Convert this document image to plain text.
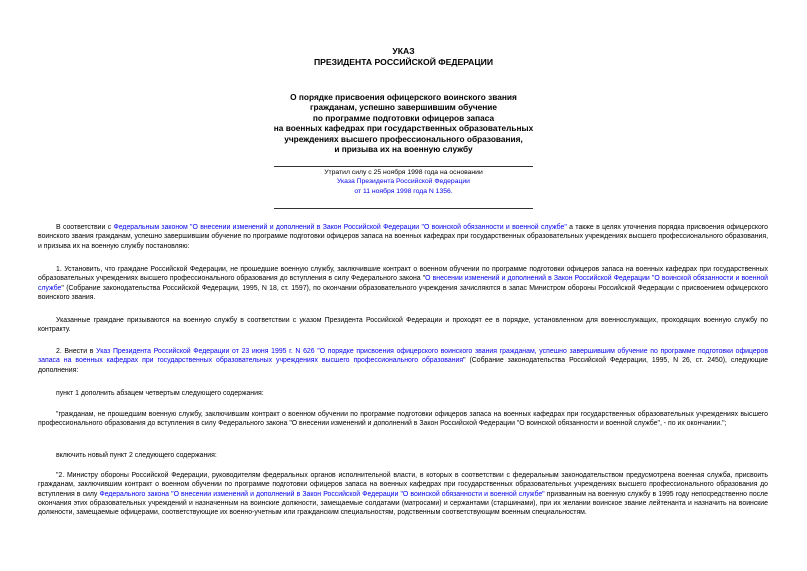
УКАЗ
ПРЕЗИДЕНТА РОССИЙСКОЙ ФЕДЕРАЦИИ
О порядке присвоения офицерского воинского звания
гражданам, успешно завершившим обучение
по программе подготовки офицеров запаса
на военных кафедрах при государственных образовательных
учреждениях высшего профессионального образования,
и призыва их на военную службу
Утратил силу с 25 ноября 1998 года на основании
Указа Президента Российской Федерации
от 11 ноября 1998 года N 1356.
В соответствии с Федеральным законом "О внесении изменений и дополнений в Закон Российской Федерации "О воинской обязанности и военной службе" а также в целях уточнения порядка присвоения офицерского воинского звания гражданам, успешно завершившим обучение по программе подготовки офицеров запаса на военных кафедрах при государственных образовательных учреждениях высшего профессионального образования, и призыва их на военную службу постановляю:
1. Установить, что граждане Российской Федерации, не прошедшие военную службу, заключившие контракт о военном обучении по программе подготовки офицеров запаса на военных кафедрах при государственных образовательных учреждениях высшего профессионального образования до вступления в силу Федерального закона "О внесении изменений и дополнений в Закон Российской Федерации "О воинской обязанности и военной службе" (Собрание законодательства Российской Федерации, 1995, N 18, ст. 1597), по окончании образовательного учреждения зачисляются в запас Министром обороны Российской Федерации с присвоением офицерского воинского звания.
Указанные граждане призываются на военную службу в соответствии с указом Президента Российской Федерации и проходят ее в порядке, установленном для военнослужащих, проходящих военную службу по контракту.
2. Внести в Указ Президента Российской Федерации от 23 июня 1995 г. N 626 "О порядке присвоения офицерского воинского звания гражданам, успешно завершившим обучение по программе подготовки офицеров запаса на военных кафедрах при государственных образовательных учреждениях высшего профессионального образования" (Собрание законодательства Российской Федерации, 1995, N 26, ст. 2450), следующие дополнения:
пункт 1 дополнить абзацем четвертым следующего содержания:
"гражданам, не прошедшим военную службу, заключившим контракт о военном обучении по программе подготовки офицеров запаса на военных кафедрах при государственных образовательных учреждениях высшего профессионального образования до вступления в силу Федерального закона "О внесении изменений и дополнений в Закон Российской Федерации "О воинской обязанности и военной службе", - по их окончании.";
включить новый пункт 2 следующего содержания:
"2. Министру обороны Российской Федерации, руководителям федеральных органов исполнительной власти, в которых в соответствии с федеральным законодательством предусмотрена военная служба, присвоить гражданам, заключившим контракт о военном обучении по программе подготовки офицеров запаса на военных кафедрах при государственных образовательных учреждениях высшего профессионального образования до вступления в силу Федерального закона "О внесении изменений и дополнений в Закон Российской Федерации "О воинской обязанности и военной службе" призванным на военную службу в 1995 году непосредственно после окончания этих образовательных учреждений и назначенным на воинские должности, замещаемые солдатами (матросами) и сержантами (старшинами), при их желании воинское звание лейтенанта и назначить на воинские должности, замещаемые офицерами, соответствующие их военно-учетным или гражданским специальностям, родственным соответствующим военным специальностям.
